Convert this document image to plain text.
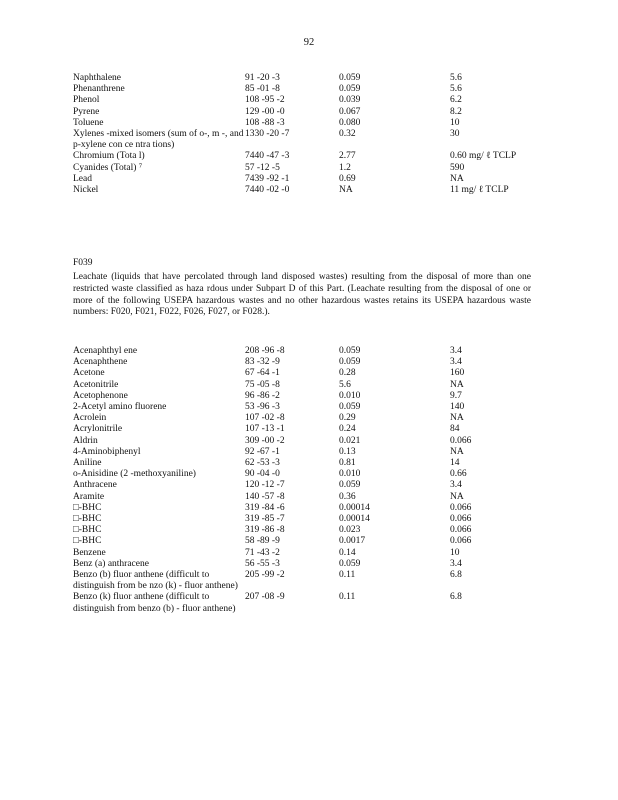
92
Naphthalene	91 -20 -3	0.059	5.6
Phenanthrene	85 -01 -8	0.059	5.6
Phenol	108 -95 -2	0.039	6.2
Pyrene	129 -00 -0	0.067	8.2
Toluene	108 -88 -3	0.080	10
Xylenes -mixed isomers (sum of o-, m -, and p-xylene con ce ntra tions)	1330 -20 -7	0.32	30
Chromium (Tota l)	7440 -47 -3	2.77	0.60 mg/ ℓ TCLP
Cyanides (Total) ⁷	57 -12 -5	1.2	590
Lead	7439 -92 -1	0.69	NA
Nickel	7440 -02 -0	NA	11 mg/ ℓ TCLP
F039
Leachate (liquids that have percolated through land disposed wastes) resulting from the disposal of more than one restricted waste classified as haza rdous under Subpart D of this Part. (Leachate resulting from the disposal of one or more of the following USEPA hazardous wastes and no other hazardous wastes retains its USEPA hazardous waste numbers: F020, F021, F022, F026, F027, or F028.).
Acenaphthyl ene	208 -96 -8	0.059	3.4
Acenaphthene	83 -32 -9	0.059	3.4
Acetone	67 -64 -1	0.28	160
Acetonitrile	75 -05 -8	5.6	NA
Acetophenone	96 -86 -2	0.010	9.7
2-Acetyl amino fluorene	53 -96 -3	0.059	140
Acrolein	107 -02 -8	0.29	NA
Acrylonitrile	107 -13 -1	0.24	84
Aldrin	309 -00 -2	0.021	0.066
4-Aminobiphenyl	92 -67 -1	0.13	NA
Aniline	62 -53 -3	0.81	14
o-Anisidine (2 -methoxyaniline)	90 -04 -0	0.010	0.66
Anthracene	120 -12 -7	0.059	3.4
Aramite	140 -57 -8	0.36	NA
□-BHC	319 -84 -6	0.00014	0.066
□-BHC	319 -85 -7	0.00014	0.066
□-BHC	319 -86 -8	0.023	0.066
□-BHC	58 -89 -9	0.0017	0.066
Benzene	71 -43 -2	0.14	10
Benz (a) anthracene	56 -55 -3	0.059	3.4
Benzo (b) fluor anthene (difficult to distinguish from be nzo (k) - fluor anthene)	205 -99 -2	0.11	6.8
Benzo (k) fluor anthene (difficult to distinguish from benzo (b) - fluor anthene)	207 -08 -9	0.11	6.8
